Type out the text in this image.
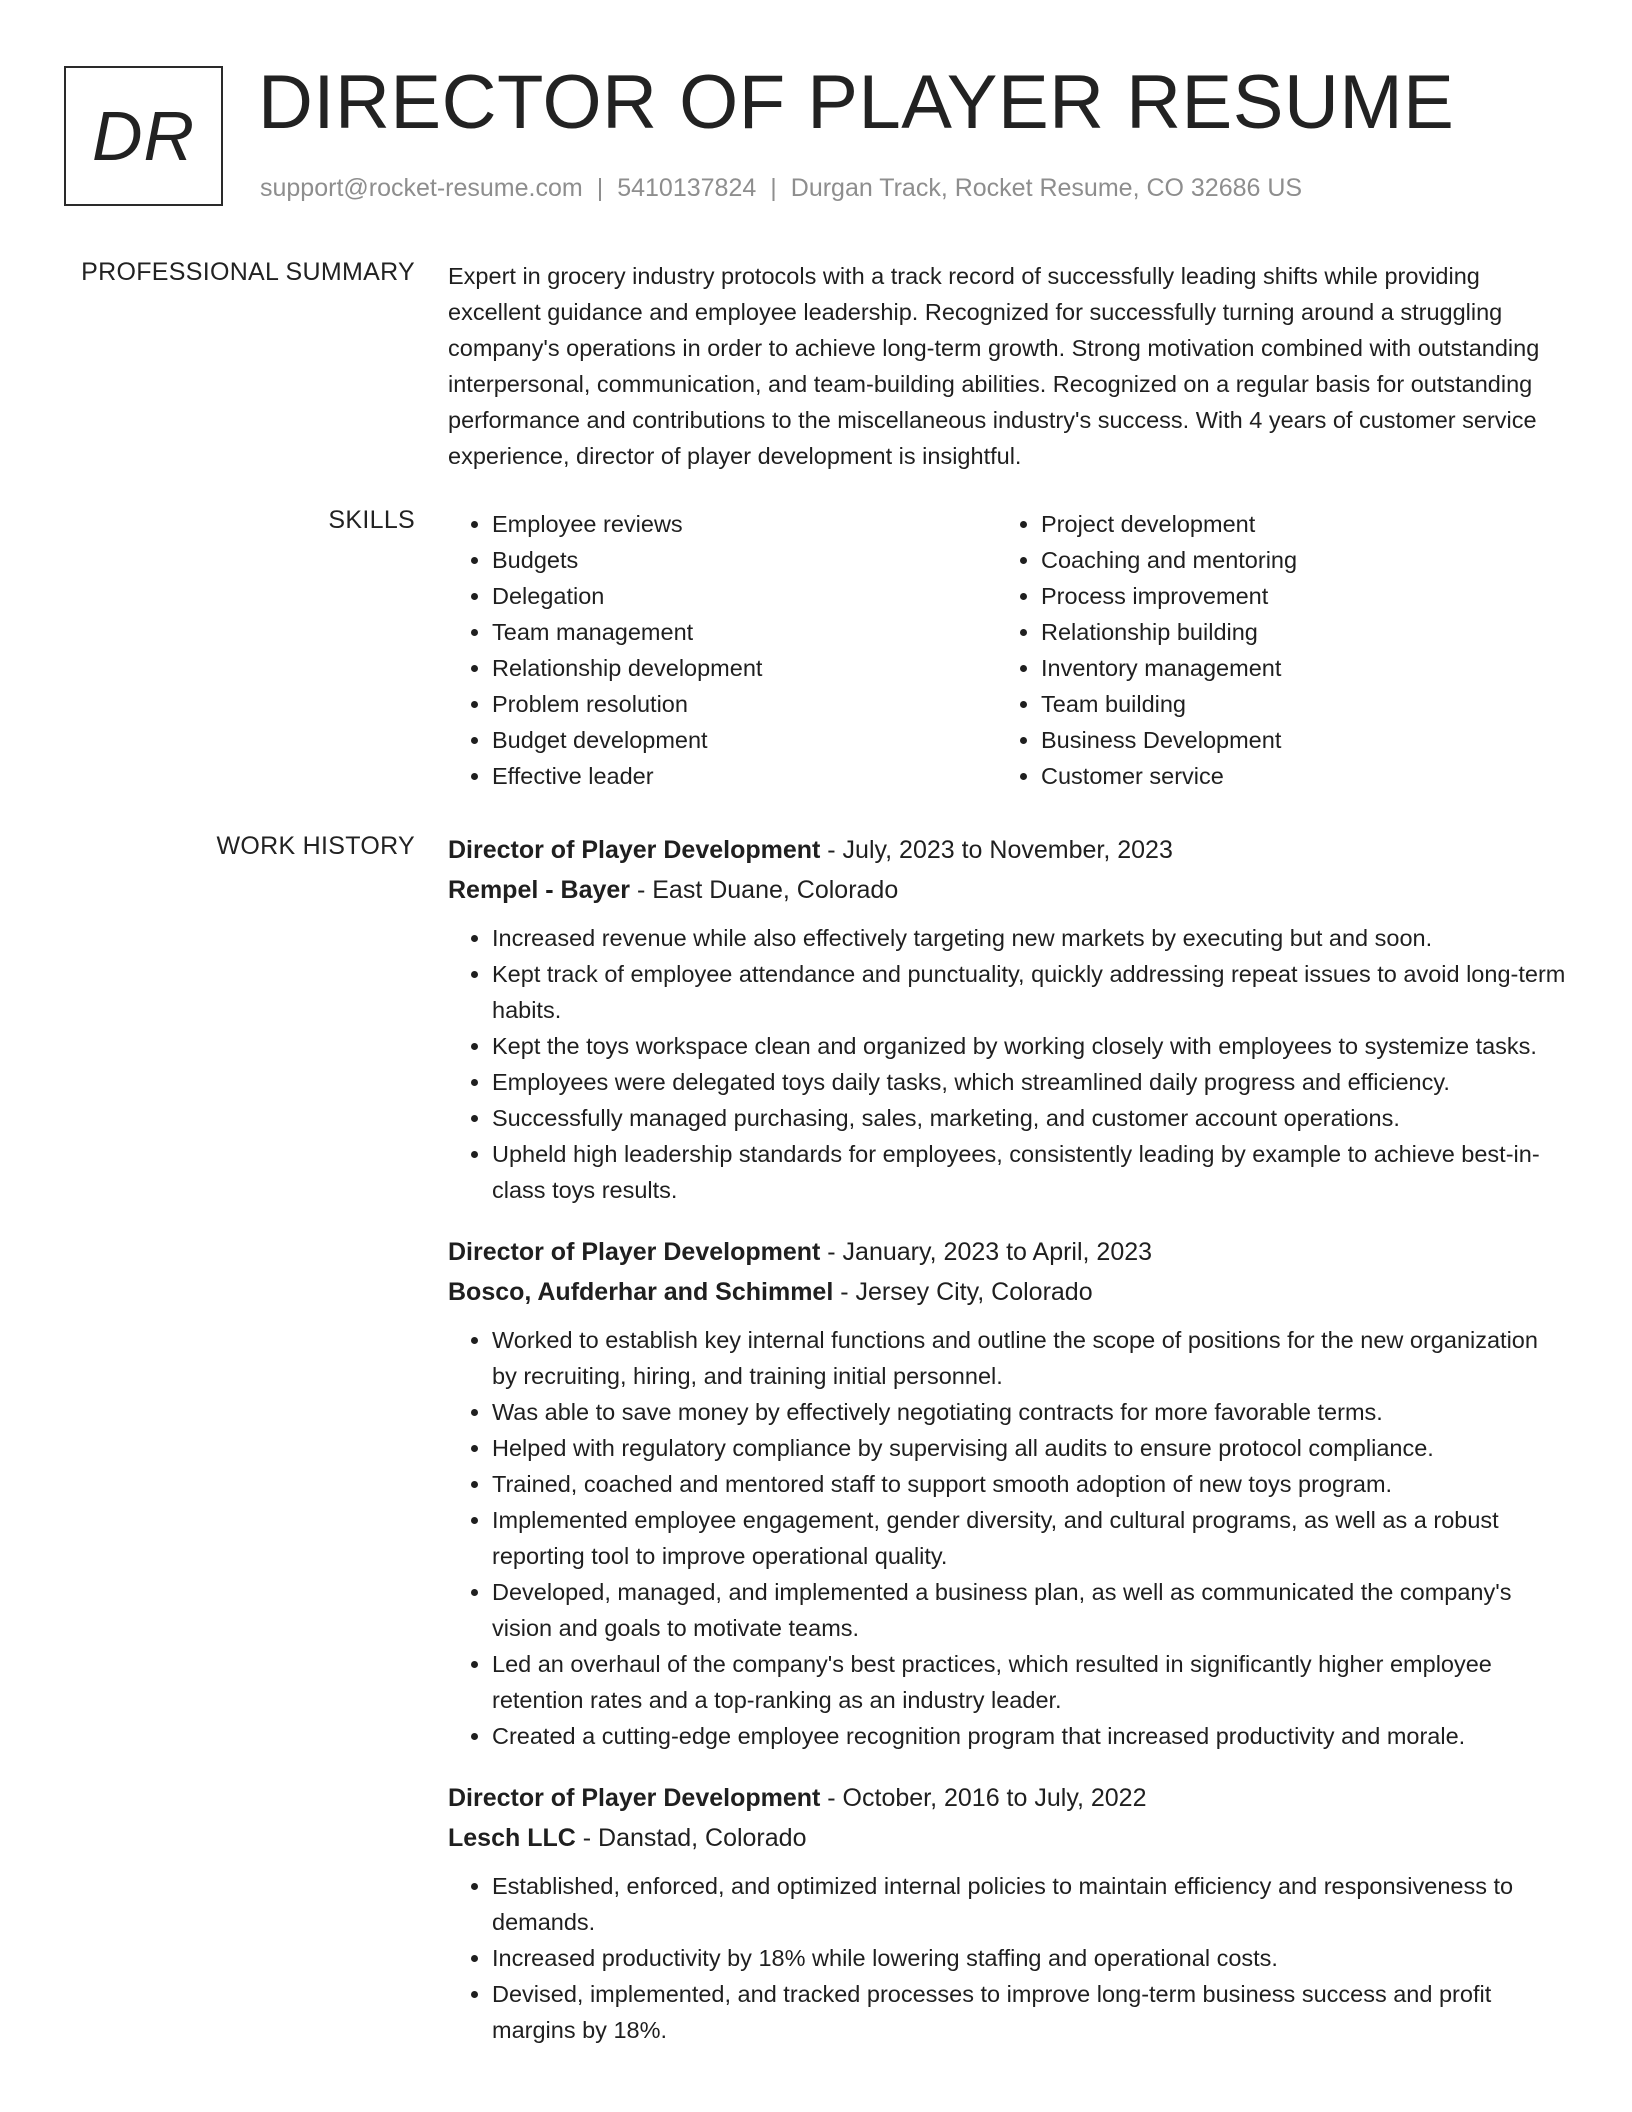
DR DIRECTOR OF PLAYER RESUME
support@rocket-resume.com | 5410137824 | Durgan Track, Rocket Resume, CO 32686 US
PROFESSIONAL SUMMARY Expert in grocery industry protocols with a track record of successfully leading shifts while providing excellent guidance and employee leadership. Recognized for successfully turning around a struggling company's operations in order to achieve long-term growth. Strong motivation combined with outstanding interpersonal, communication, and team-building abilities. Recognized on a regular basis for outstanding performance and contributions to the miscellaneous industry's success. With 4 years of customer service experience, director of player development is insightful.

SKILLS
•	Employee reviews
• Budgets
• Delegation
• Team management
• Relationship development
• Problem resolution
• Budget development
• Effective leader
• Project development
• Coaching and mentoring
• Process improvement
• Relationship building
• Inventory management
• Team building
• Business Development
• Customer service
WORK HISTORY Director of Player Development - July, 2023 to November, 2023
Rempel - Bayer - East Duane, Colorado
• Increased revenue while also effectively targeting new markets by executing but and soon.
• Kept track of employee attendance and punctuality, quickly addressing repeat issues to avoid long-term habits.
• Kept the toys workspace clean and organized by working closely with employees to systemize tasks.
• Employees were delegated toys daily tasks, which streamlined daily progress and efficiency.
• Successfully managed purchasing, sales, marketing, and customer account operations.
• Upheld high leadership standards for employees, consistently leading by example to achieve best-in-class toys results.
Director of Player Development - January, 2023 to April, 2023
Bosco, Aufderhar and Schimmel - Jersey City, Colorado
• Worked to establish key internal functions and outline the scope of positions for the new organization by recruiting, hiring, and training initial personnel.
• Was able to save money by effectively negotiating contracts for more favorable terms.
• Helped with regulatory compliance by supervising all audits to ensure protocol compliance.
• Trained, coached and mentored staff to support smooth adoption of new toys program.
• Implemented employee engagement, gender diversity, and cultural programs, as well as a robust reporting tool to improve operational quality.
• Developed, managed, and implemented a business plan, as well as communicated the company's vision and goals to motivate teams.
• Led an overhaul of the company's best practices, which resulted in significantly higher employee retention rates and a top-ranking as an industry leader.
• Created a cutting-edge employee recognition program that increased productivity and morale.
Director of Player Development - October, 2016 to July, 2022
Lesch LLC - Danstad, Colorado
• Established, enforced, and optimized internal policies to maintain efficiency and responsiveness to demands.
• Increased productivity by 18% while lowering staffing and operational costs.
• Devised, implemented, and tracked processes to improve long-term business success and profit margins by 18%.
